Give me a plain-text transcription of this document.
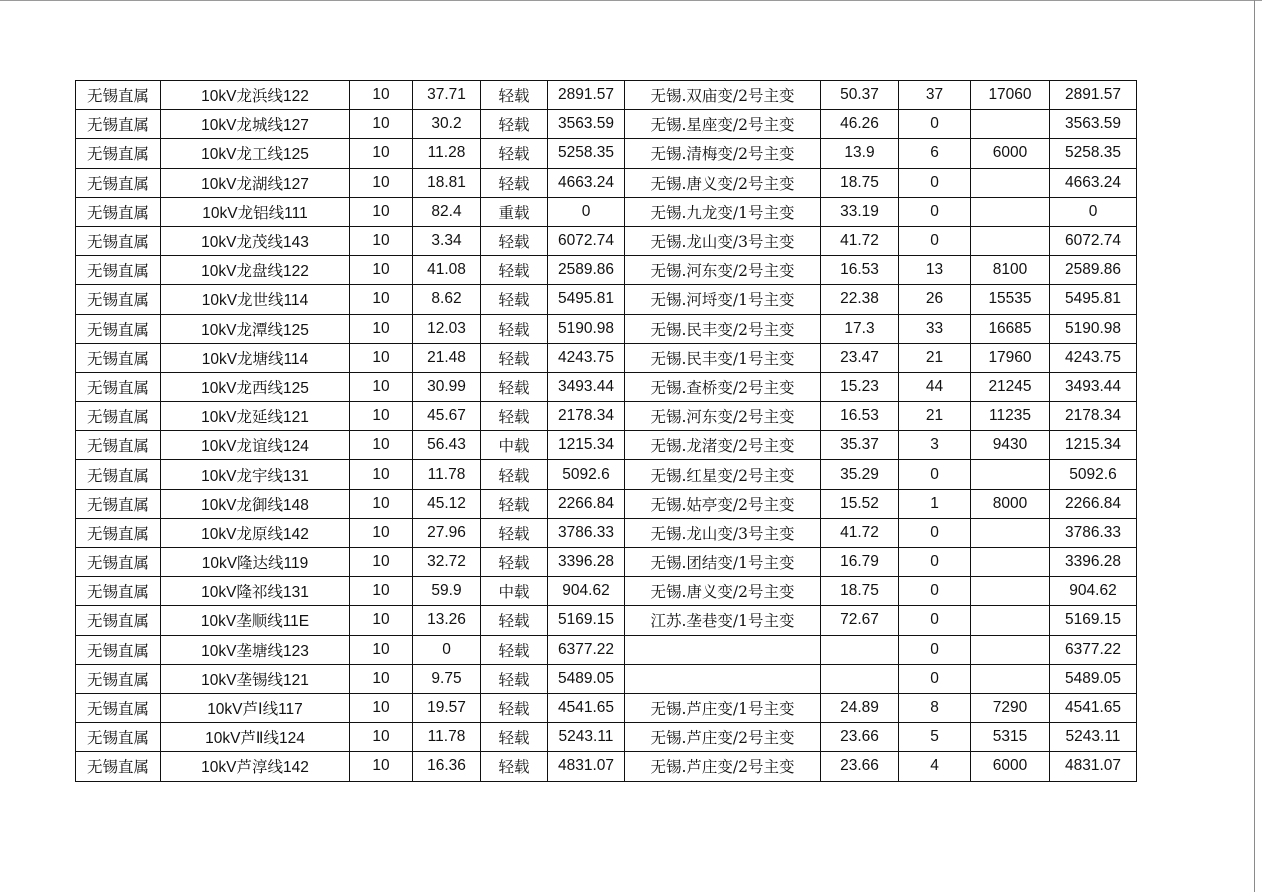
无锡直属	10kV龙浜线122	10	37.71	轻载	2891.57	无锡.双庙变/2号主变	50.37	37	17060	2891.57
无锡直属	10kV龙城线127	10	30.2	轻载	3563.59	无锡.星座变/2号主变	46.26	0		3563.59
无锡直属	10kV龙工线125	10	11.28	轻载	5258.35	无锡.清梅变/2号主变	13.9	6	6000	5258.35
无锡直属	10kV龙湖线127	10	18.81	轻载	4663.24	无锡.唐义变/2号主变	18.75	0		4663.24
无锡直属	10kV龙铝线111	10	82.4	重载	0	无锡.九龙变/1号主变	33.19	0		0
无锡直属	10kV龙茂线143	10	3.34	轻载	6072.74	无锡.龙山变/3号主变	41.72	0		6072.74
无锡直属	10kV龙盘线122	10	41.08	轻载	2589.86	无锡.河东变/2号主变	16.53	13	8100	2589.86
无锡直属	10kV龙世线114	10	8.62	轻载	5495.81	无锡.河埒变/1号主变	22.38	26	15535	5495.81
无锡直属	10kV龙潭线125	10	12.03	轻载	5190.98	无锡.民丰变/2号主变	17.3	33	16685	5190.98
无锡直属	10kV龙塘线114	10	21.48	轻载	4243.75	无锡.民丰变/1号主变	23.47	21	17960	4243.75
无锡直属	10kV龙西线125	10	30.99	轻载	3493.44	无锡.查桥变/2号主变	15.23	44	21245	3493.44
无锡直属	10kV龙延线121	10	45.67	轻载	2178.34	无锡.河东变/2号主变	16.53	21	11235	2178.34
无锡直属	10kV龙谊线124	10	56.43	中载	1215.34	无锡.龙渚变/2号主变	35.37	3	9430	1215.34
无锡直属	10kV龙宇线131	10	11.78	轻载	5092.6	无锡.红星变/2号主变	35.29	0		5092.6
无锡直属	10kV龙御线148	10	45.12	轻载	2266.84	无锡.姑亭变/2号主变	15.52	1	8000	2266.84
无锡直属	10kV龙原线142	10	27.96	轻载	3786.33	无锡.龙山变/3号主变	41.72	0		3786.33
无锡直属	10kV隆达线119	10	32.72	轻载	3396.28	无锡.团结变/1号主变	16.79	0		3396.28
无锡直属	10kV隆祁线131	10	59.9	中载	904.62	无锡.唐义变/2号主变	18.75	0		904.62
无锡直属	10kV垄顺线11E	10	13.26	轻载	5169.15	江苏.垄巷变/1号主变	72.67	0		5169.15
无锡直属	10kV垄塘线123	10	0	轻载	6377.22			0		6377.22
无锡直属	10kV垄锡线121	10	9.75	轻载	5489.05			0		5489.05
无锡直属	10kV芦Ⅰ线117	10	19.57	轻载	4541.65	无锡.芦庄变/1号主变	24.89	8	7290	4541.65
无锡直属	10kV芦Ⅱ线124	10	11.78	轻载	5243.11	无锡.芦庄变/2号主变	23.66	5	5315	5243.11
无锡直属	10kV芦淳线142	10	16.36	轻载	4831.07	无锡.芦庄变/2号主变	23.66	4	6000	4831.07
